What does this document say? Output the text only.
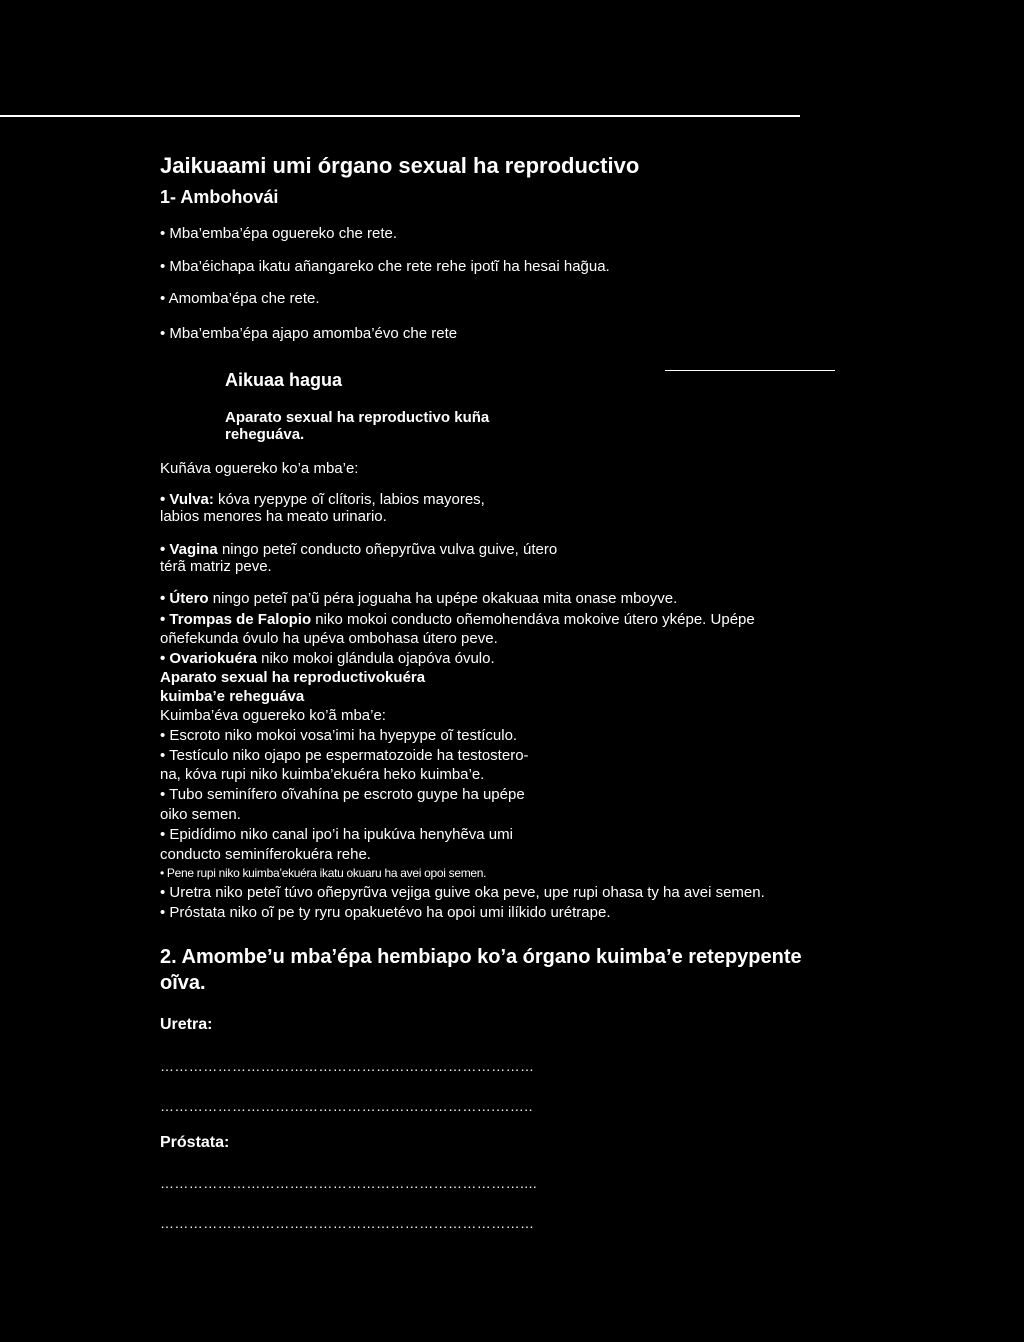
Jaikuaami umi órgano sexual ha reproductivo
1- Ambohovái
• Mba’emba’épa oguereko che rete.
• Mba’éichapa ikatu añangareko che rete rehe ipotĩ ha hesai hag̃ua.
• Amomba’épa che rete.
• Mba’emba’épa ajapo amomba’évo che rete
Aikuaa hagua
Aparato sexual ha reproductivo kuña
reheguáva.
Kuñáva oguereko ko’a mba’e:
• Vulva: kóva ryepype oĩ clítoris, labios mayores,
labios menores ha meato urinario.
• Vagina ningo peteĩ conducto oñepyrũva vulva guive, útero
térã matriz peve.
• Útero ningo peteĩ pa’ũ péra joguaha ha upépe okakuaa mita onase mboyve.
• Trompas de Falopio niko mokoi conducto oñemohendáva mokoive útero yképe. Upépe
oñefekunda óvulo ha upéva ombohasa útero peve.
• Ovariokuéra niko mokoi glándula ojapóva óvulo.
Aparato sexual ha reproductivokuéra
kuimba’e reheguáva
Kuimba’éva oguereko ko’ã mba’e:
• Escroto niko mokoi vosa’imi ha hyepype oĩ testículo.
• Testículo niko ojapo pe espermatozoide ha testostero-
na, kóva rupi niko kuimba’ekuéra heko kuimba’e.
• Tubo seminífero oĩvahína pe escroto guype ha upépe
oiko semen.
• Epidídimo niko canal ipo’i ha ipukúva henyhẽva umi
conducto seminíferokuéra rehe.
• Pene rupi niko kuimba’ekuéra ikatu okuaru ha avei opoi semen.
• Uretra niko peteĩ túvo oñepyrũva vejiga guive oka peve, upe rupi ohasa ty ha avei semen.
• Próstata niko oĩ pe ty ryru opakuetévo ha opoi umi ilíkido urétrape.
2. Amombe’u mba’épa hembiapo ko’a órgano kuimba’e retepypente
oĩva.
Uretra:
……………………………………………………………………
…………………………………………………………….……..
Próstata:
…………………………………………………………………....
……………………………………………………………………
